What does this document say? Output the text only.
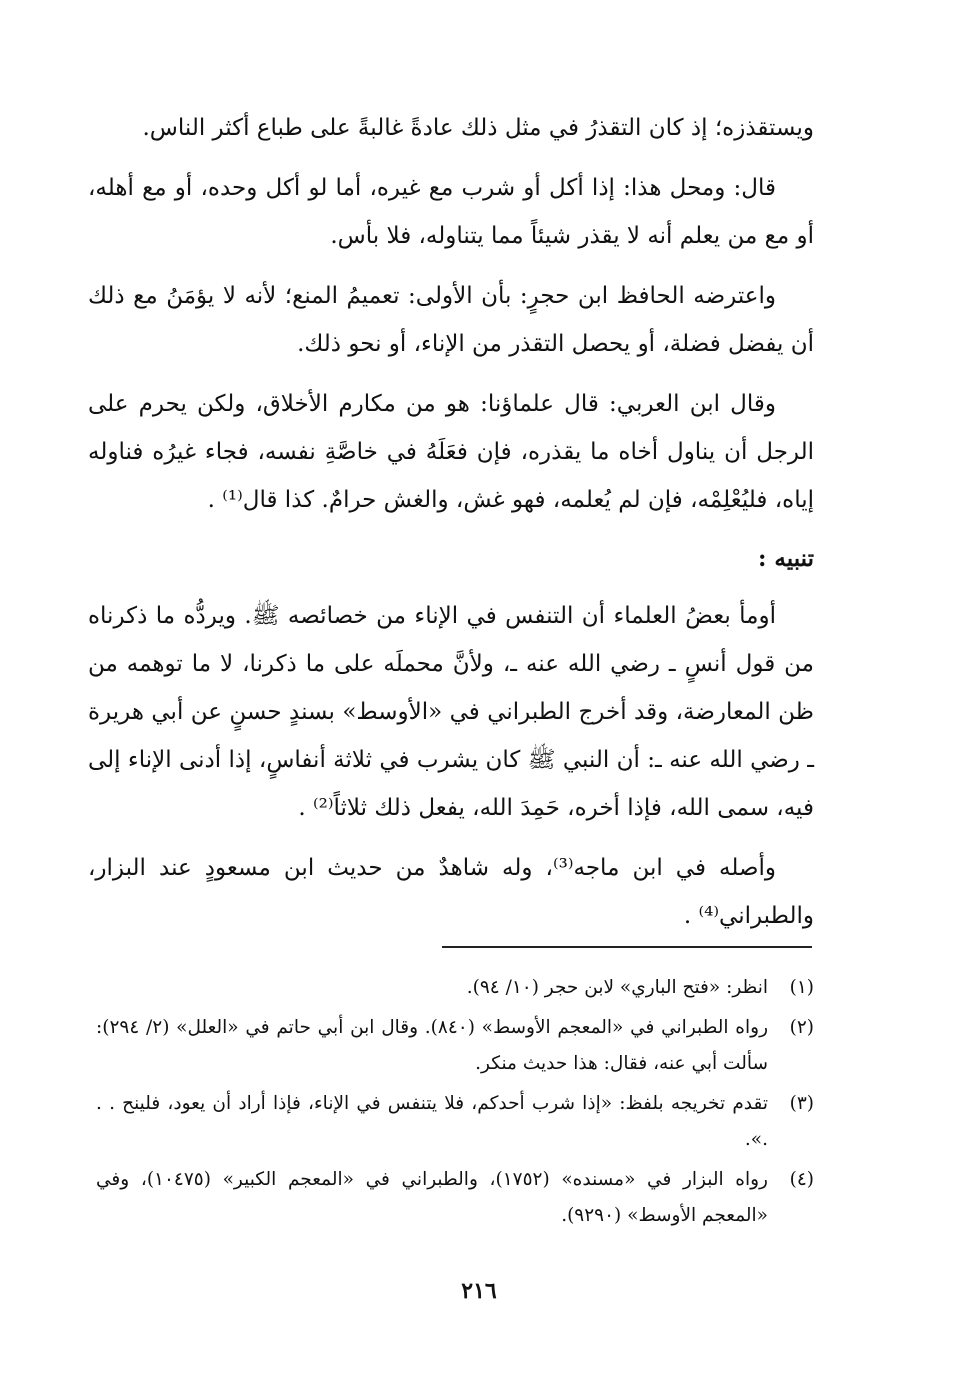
ويستقذزه؛ إذ كان التقذرُ في مثل ذلك عادةً غالبةً على طباع أكثر الناس.

قال: ومحل هذا: إذا أكل أو شرب مع غيره، أما لو أكل وحده، أو مع أهله، أو مع من يعلم أنه لا يقذر شيئاً مما يتناوله، فلا بأس.

واعترضه الحافظ ابن حجرٍ: بأن الأولى: تعميمُ المنع؛ لأنه لا يؤمَنُ مع ذلك أن يفضل فضلة، أو يحصل التقذر من الإناء، أو نحو ذلك.

وقال ابن العربي: قال علماؤنا: هو من مكارم الأخلاق، ولكن يحرم على الرجل أن يناول أخاه ما يقذره، فإن فعَلَهُ في خاصَّةِ نفسه، فجاء غيرُه فناوله إياه، فليُعْلِمْه، فإن لم يُعلمه، فهو غش، والغش حرامٌ. كذا قال⁽¹⁾ .

تنبيه :

أومأ بعضُ العلماء أن التنفس في الإناء من خصائصه ﷺ. ويردُّه ما ذكرناه من قول أنسٍ ـ رضي الله عنه ـ، ولأنَّ محملَه على ما ذكرنا، لا ما توهمه من ظن المعارضة، وقد أخرج الطبراني في «الأوسط» بسندٍ حسنٍ عن أبي هريرة ـ رضي الله عنه ـ: أن النبي ﷺ كان يشرب في ثلاثة أنفاسٍ، إذا أدنى الإناء إلى فيه، سمى الله، فإذا أخره، حَمِدَ الله، يفعل ذلك ثلاثاً⁽²⁾ .

وأصله في ابن ماجه⁽³⁾، وله شاهدٌ من حديث ابن مسعودٍ عند البزار، والطبراني⁽⁴⁾ .

(١)
انظر: «فتح الباري» لابن حجر (١٠/ ٩٤).
(٢)
رواه الطبراني في «المعجم الأوسط» (٨٤٠). وقال ابن أبي حاتم في «العلل» (٢/ ٢٩٤): سألت أبي عنه، فقال: هذا حديث منكر.
(٣)
تقدم تخريجه بلفظ: «إذا شرب أحدكم، فلا يتنفس في الإناء، فإذا أراد أن يعود، فلينح . . .».
(٤)
رواه البزار في «مسنده» (١٧٥٢)، والطبراني في «المعجم الكبير» (١٠٤٧٥)، وفي «المعجم الأوسط» (٩٢٩٠).
٢١٦
